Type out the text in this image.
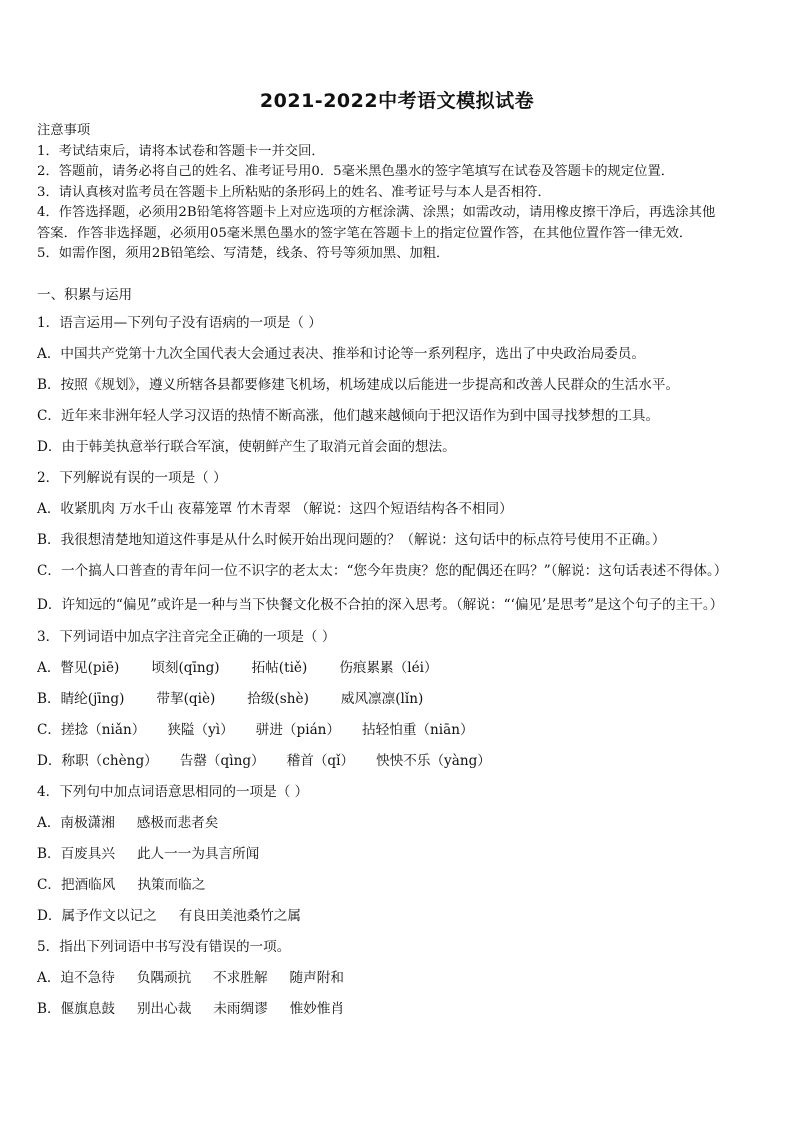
2021-2022中考语文模拟试卷
注意事项
1．考试结束后，请将本试卷和答题卡一并交回．
2．答题前，请务必将自己的姓名、准考证号用0．5毫米黑色墨水的签字笔填写在试卷及答题卡的规定位置．
3．请认真核对监考员在答题卡上所粘贴的条形码上的姓名、准考证号与本人是否相符．
4．作答选择题，必须用2B铅笔将答题卡上对应选项的方框涂满、涂黑；如需改动，请用橡皮擦干净后，再选涂其他
答案．作答非选择题，必须用05毫米黑色墨水的签字笔在答题卡上的指定位置作答，在其他位置作答一律无效．
5．如需作图，须用2B铅笔绘、写清楚，线条、符号等须加黑、加粗．
一、积累与运用
1．语言运用—下列句子没有语病的一项是（ ）
A．中国共产党第十九次全国代表大会通过表决、推举和讨论等一系列程序，选出了中央政治局委员。
B．按照《规划》，遵义所辖各县都要修建飞机场，机场建成以后能进一步提高和改善人民群众的生活水平。
C．近年来非洲年轻人学习汉语的热情不断高涨，他们越来越倾向于把汉语作为到中国寻找梦想的工具。
D．由于韩美执意举行联合军演，使朝鲜产生了取消元首会面的想法。
2．下列解说有误的一项是（ ）
A．收紧肌肉 万水千山 夜幕笼罩 竹木青翠 （解说：这四个短语结构各不相同）
B．我很想清楚地知道这件事是从什么时候开始出现问题的？（解说：这句话中的标点符号使用不正确。）
C．一个搞人口普查的青年问一位不识字的老太太：“您今年贵庚？您的配偶还在吗？”（解说：这句话表述不得体。）
D．许知远的“偏见”或许是一种与当下快餐文化极不合拍的深入思考。（解说：“‘偏见’是思考”是这个句子的主干。）
3．下列词语中加点字注音完全正确的一项是（ ）
A．瞥见(piē) 顷刻(qīng) 拓帖(tiě) 伤痕累累（léi）
B．睛纶(jīng) 带挈(qiè) 拾级(shè) 威风凛凛(lǐn)
C．搓捻（niǎn） 狭隘（yì） 骈进（pián） 拈轻怕重（niān）
D．称职（chèng） 告罄（qìng） 稽首（qǐ） 怏怏不乐（yàng）
4．下列句中加点词语意思相同的一项是（ ）
A．南极潇湘 感极而悲者矣
B．百废具兴 此人一一为具言所闻
C．把酒临风 执策而临之
D．属予作文以记之 有良田美池桑竹之属
5．指出下列词语中书写没有错误的一项。
A．迫不急待 负隅顽抗 不求胜解 随声附和
B．偃旗息鼓 别出心裁 未雨绸谬 惟妙惟肖
